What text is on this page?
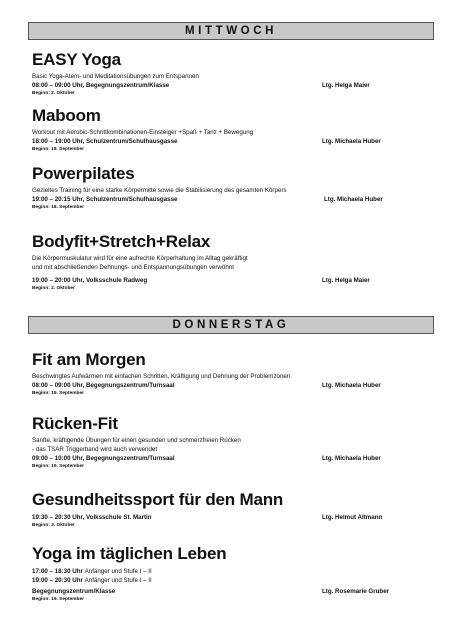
MITTWOCH
EASY Yoga
Basic Yoga-Atem- und Meditationsübungen zum Entspannen
08:00 – 09:00 Uhr, Begegnungszentrum/Klasse	Ltg. Helga Maier
Beginn: 2. Oktober
Maboom
Workout mit Aerobic-Schrittkombinationen-Einsteiger +Spaß + Tanz + Bewegung
18:00 – 19:00 Uhr, Schulzentrum/Schulhausgasse	Ltg. Michaela Huber
Beginn: 18. September
Powerpilates
Gezieltes Training für eine starke Körpermitte sowie die Stabilisierung des gesamten Körpers
19:00 – 20:15 Uhr, Schulzentrum/Schulhausgasse	Ltg. Michaela Huber
Beginn: 18. September
Bodyfit+Stretch+Relax
Die Körpermuskulatur wird für eine aufrechte Körperhaltung im Alltag gekräftigt
und mit abschließenden Dehnungs- und Entspannungsübungen verwöhnt
19:00 – 20:00 Uhr, Volksschule Radweg	Ltg. Helga Maier
Beginn: 2. Oktober
DONNERSTAG
Fit am Morgen
Beschwingtes Aufwärmen mit einfachen Schritten, Kräftigung und Dehnung der Problemzonen
08:00 – 09:00 Uhr, Begegnungszentrum/Turnsaal	Ltg. Michaela Huber
Beginn: 19. September
Rücken-Fit
Sanfte, kräftigende Übungen für einen gesunden und schmerzfreien Rücken
- das TSAR Triggerband wird auch verwendet
09:00 – 10:00 Uhr, Begegnungszentrum/Turnsaal	Ltg. Michaela Huber
Beginn: 19. September
Gesundheitssport für den Mann
19:30 – 20:30 Uhr, Volksschule St. Martin	Ltg. Helmut Altmann
Beginn: 3. Oktober
Yoga im täglichen Leben
17:00 – 18:30 Uhr Anfänger und Stufe I – II
19:00 – 20:30 Uhr Anfänger und Stufe I – II
Begegnungszentrum/Klasse	Ltg. Rosemarie Gruber
Beginn: 19. September
